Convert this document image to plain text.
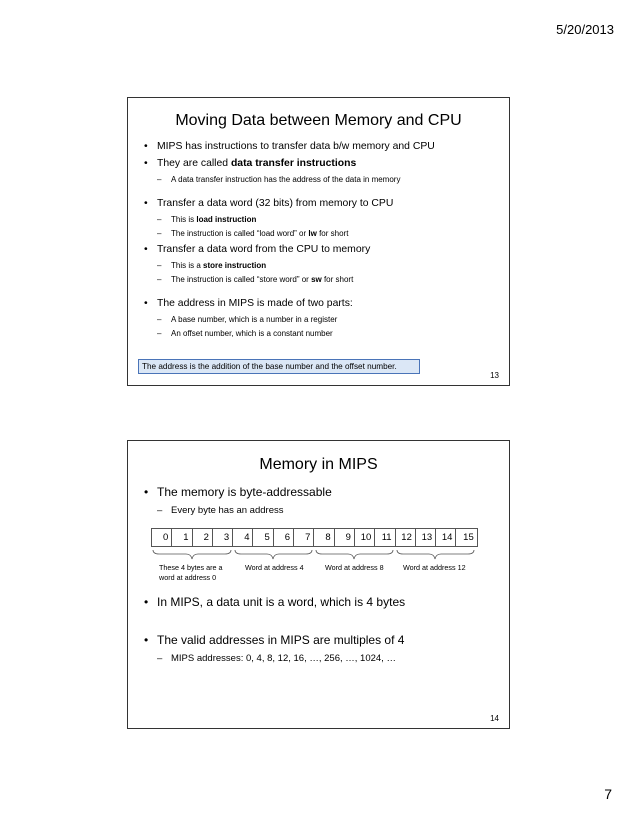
5/20/2013
Moving Data between Memory and CPU
• MIPS has instructions to transfer data b/w memory and CPU
• They are called data transfer instructions
– A data transfer instruction has the address of the data in memory
• Transfer a data word (32 bits) from memory to CPU
– This is load instruction
– The instruction is called “load word” or lw for short
• Transfer a data word from the CPU to memory
– This is a store instruction
– The instruction is called “store word” or sw for short
• The address in MIPS is made of two parts:
– A base number, which is a number in a register
– An offset number, which is a constant number
The address is the addition of the base number and the offset number.
13
Memory in MIPS
• The memory is byte-addressable
– Every byte has an address
0	1	2	3	4	5	6	7	8	9	10	11	12	13	14	15
These 4 bytes are a
word at address 0
Word at address 4	Word at address 8	Word at address 12
• In MIPS, a data unit is a word, which is 4 bytes
• The valid addresses in MIPS are multiples of 4
– MIPS addresses: 0, 4, 8, 12, 16, …, 256, …, 1024, …
14
7
